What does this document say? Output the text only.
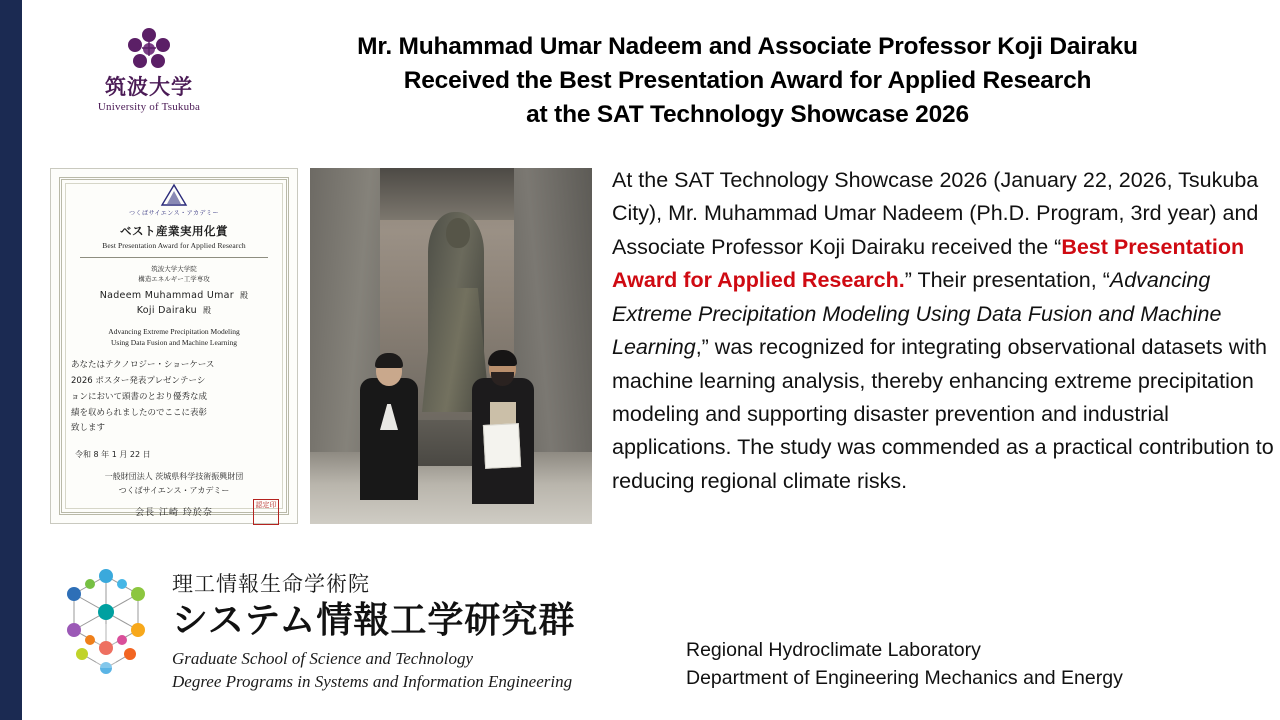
筑波大学
University of Tsukuba
Mr. Muhammad Umar Nadeem and Associate Professor Koji Dairaku
Received the Best Presentation Award for Applied Research
at the SAT Technology Showcase 2026
つくばサイエンス・アカデミー
ベスト産業実用化賞
Best Presentation Award for Applied Research
筑波大学大学院
構造エネルギー工学専攻
Nadeem Muhammad Umar 殿
Koji Dairaku 殿
Advancing Extreme Precipitation Modeling
Using Data Fusion and Machine Learning
あなたはテクノロジー・ショーケース
2026 ポスター発表プレゼンテーシ
ョンにおいて頭書のとおり優秀な成
績を収められましたのでここに表彰
致します
令和 8 年 1 月 22 日
一般財団法人 茨城県科学技術振興財団
つくばサイエンス・アカデミー
会長 江崎 玲於奈
認定印
理工情報生命学術院
システム情報工学研究群
Graduate School of Science and Technology
Degree Programs in Systems and Information Engineering
At the SAT Technology Showcase 2026 (January 22, 2026, Tsukuba City), Mr. Muhammad Umar Nadeem (Ph.D. Program, 3rd year) and Associate Professor Koji Dairaku received the “Best Presentation Award for Applied Research.” Their presentation, “Advancing Extreme Precipitation Modeling Using Data Fusion and Machine Learning,” was recognized for integrating observational datasets with machine learning analysis, thereby enhancing extreme precipitation modeling and supporting disaster prevention and industrial applications. The study was commended as a practical contribution to reducing regional climate risks.
Regional Hydroclimate Laboratory
Department of Engineering Mechanics and Energy
